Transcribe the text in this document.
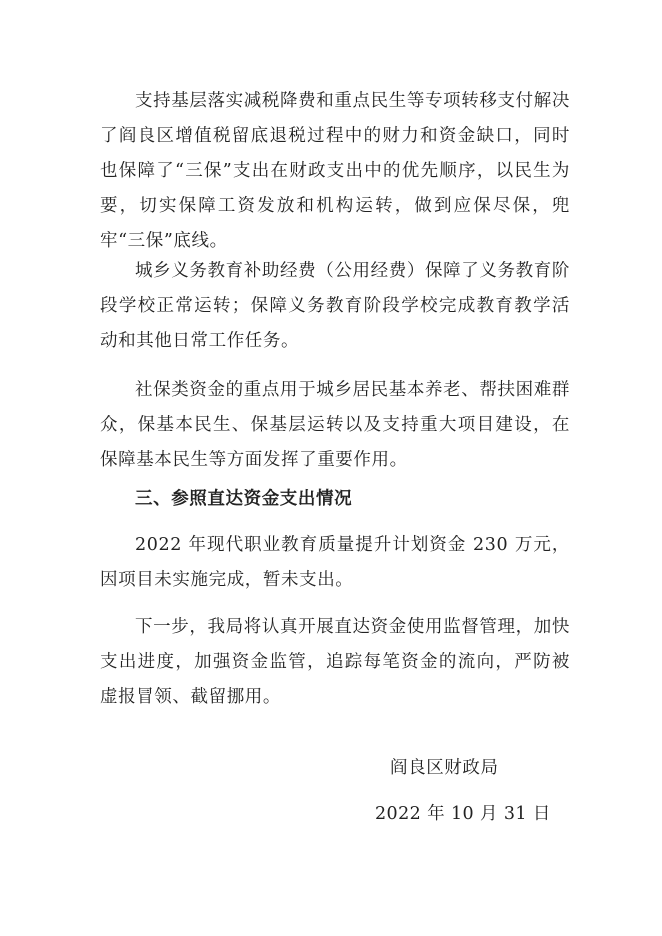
支持基层落实减税降费和重点民生等专项转移支付解决了阎良区增值税留底退税过程中的财力和资金缺口，同时也保障了“三保”支出在财政支出中的优先顺序，以民生为要，切实保障工资发放和机构运转，做到应保尽保，兜牢“三保”底线。

城乡义务教育补助经费（公用经费）保障了义务教育阶段学校正常运转；保障义务教育阶段学校完成教育教学活动和其他日常工作任务。

社保类资金的重点用于城乡居民基本养老、帮扶困难群众，保基本民生、保基层运转以及支持重大项目建设，在保障基本民生等方面发挥了重要作用。

三、参照直达资金支出情况

2022 年现代职业教育质量提升计划资金 230 万元，因项目未实施完成，暂未支出。

下一步，我局将认真开展直达资金使用监督管理，加快支出进度，加强资金监管，追踪每笔资金的流向，严防被虚报冒领、截留挪用。

阎良区财政局

2022 年 10 月 31 日
